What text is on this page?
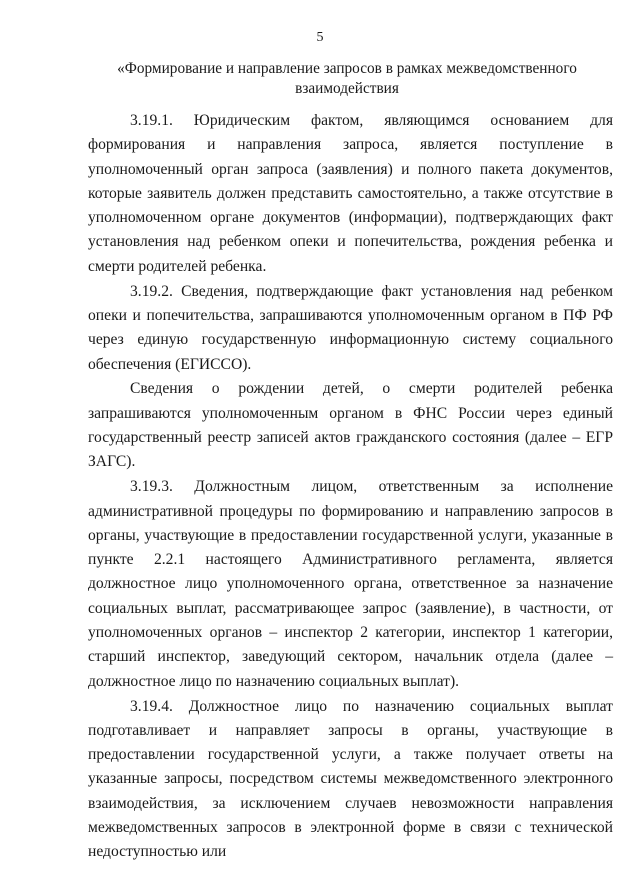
5
«Формирование и направление запросов в рамках межведомственного взаимодействия

3.19.1. Юридическим фактом, являющимся основанием для формирования и направления запроса, является поступление в уполномоченный орган запроса (заявления) и полного пакета документов, которые заявитель должен представить самостоятельно, а также отсутствие в уполномоченном органе документов (информации), подтверждающих факт установления над ребенком опеки и попечительства, рождения ребенка и смерти родителей ребенка.

3.19.2. Сведения, подтверждающие факт установления над ребенком опеки и попечительства, запрашиваются уполномоченным органом в ПФ РФ через единую государственную информационную систему социального обеспечения (ЕГИССО).

Сведения о рождении детей, о смерти родителей ребенка запрашиваются уполномоченным органом в ФНС России через единый государственный реестр записей актов гражданского состояния (далее – ЕГР ЗАГС).

3.19.3. Должностным лицом, ответственным за исполнение административной процедуры по формированию и направлению запросов в органы, участвующие в предоставлении государственной услуги, указанные в пункте 2.2.1 настоящего Административного регламента, является должностное лицо уполномоченного органа, ответственное за назначение социальных выплат, рассматривающее запрос (заявление), в частности, от уполномоченных органов – инспектор 2 категории, инспектор 1 категории, старший инспектор, заведующий сектором, начальник отдела (далее – должностное лицо по назначению социальных выплат).

3.19.4. Должностное лицо по назначению социальных выплат подготавливает и направляет запросы в органы, участвующие в предоставлении государственной услуги, а также получает ответы на указанные запросы, посредством системы межведомственного электронного взаимодействия, за исключением случаев невозможности направления межведомственных запросов в электронной форме в связи с технической недоступностью или
